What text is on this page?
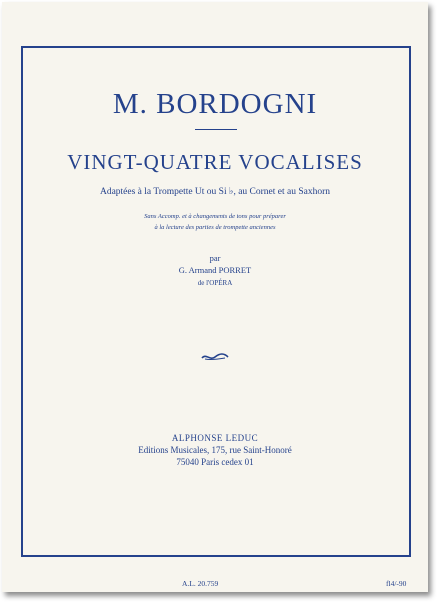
M. BORDOGNI
VINGT-QUATRE VOCALISES
Adaptées à la Trompette Ut ou Si ♭, au Cornet et au Saxhorn
Sans Accomp. et à changements de tons pour préparer
à la lecture des parties de trompette anciennes
par
G. Armand PORRET
de l'OPÉRA
ALPHONSE LEDUC
Editions Musicales, 175, rue Saint-Honoré
75040 Paris cedex 01
A.L. 20.759	fl4/-90
